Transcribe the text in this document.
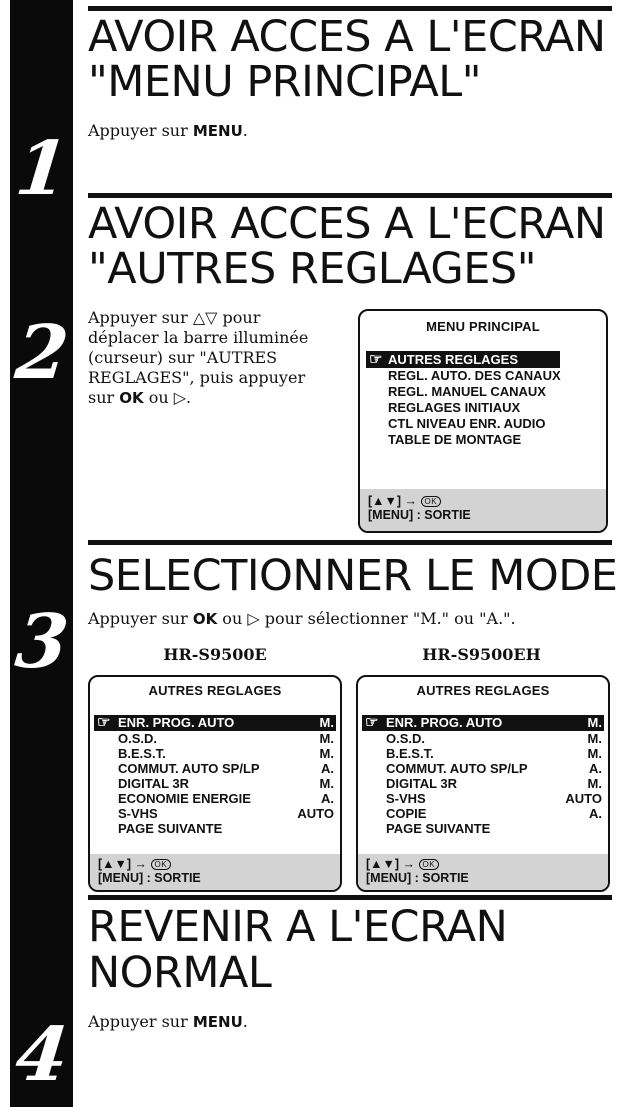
1
2
3
4
AVOIR ACCES A L'ECRAN
"MENU PRINCIPAL"
Appuyer sur MENU.
AVOIR ACCES A L'ECRAN
"AUTRES REGLAGES"
Appuyer sur △▽ pour
déplacer la barre illuminée
(curseur) sur "AUTRES
REGLAGES", puis appuyer
sur OK ou ▷.
MENU PRINCIPAL
☞ AUTRES REGLAGES
REGL. AUTO. DES CANAUX
REGL. MANUEL CANAUX
REGLAGES INITIAUX
CTL NIVEAU ENR. AUDIO
TABLE DE MONTAGE
[▲▼] → OK
[MENU] : SORTIE
SELECTIONNER LE MODE
Appuyer sur OK ou ▷ pour sélectionner "M." ou "A.".
HR-S9500E	HR-S9500EH
AUTRES REGLAGES
☞ ENR. PROG. AUTO	M.
O.S.D.	M.
B.E.S.T.	M.
COMMUT. AUTO SP/LP	A.
DIGITAL 3R	M.
ECONOMIE ENERGIE	A.
S-VHS	AUTO
PAGE SUIVANTE
[▲▼] → OK
[MENU] : SORTIE
AUTRES REGLAGES
☞ ENR. PROG. AUTO	M.
O.S.D.	M.
B.E.S.T.	M.
COMMUT. AUTO SP/LP	A.
DIGITAL 3R	M.
S-VHS	AUTO
COPIE	A.
PAGE SUIVANTE
[▲▼] → OK
[MENU] : SORTIE
REVENIR A L'ECRAN
NORMAL
Appuyer sur MENU.
